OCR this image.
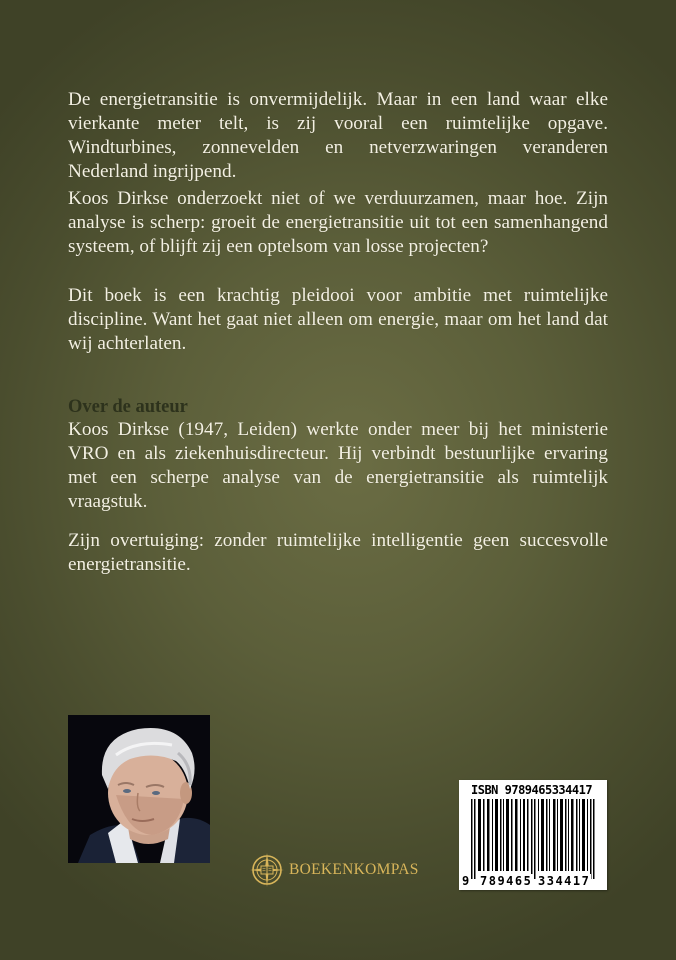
De energietransitie is onvermijdelijk. Maar in een land waar elke vierkante meter telt, is zij vooral een ruimtelijke opgave. Windturbines, zonnevelden en netverzwaringen veranderen Nederland ingrijpend.

Koos Dirkse onderzoekt niet of we verduurzamen, maar hoe. Zijn analyse is scherp: groeit de energietransitie uit tot een samenhangend systeem, of blijft zij een optelsom van losse projecten?

Dit boek is een krachtig pleidooi voor ambitie met ruimtelijke discipline. Want het gaat niet alleen om energie, maar om het land dat wij achterlaten.

Over de auteur

Koos Dirkse (1947, Leiden) werkte onder meer bij het ministerie VRO en als ziekenhuisdirecteur. Hij verbindt bestuurlijke ervaring met een scherpe analyse van de energietransitie als ruimtelijk vraagstuk.

Zijn overtuiging: zonder ruimtelijke intelligentie geen succesvolle energietransitie.

BOEKENKOMPAS
ISBN 9789465334417
9 789465 334417
